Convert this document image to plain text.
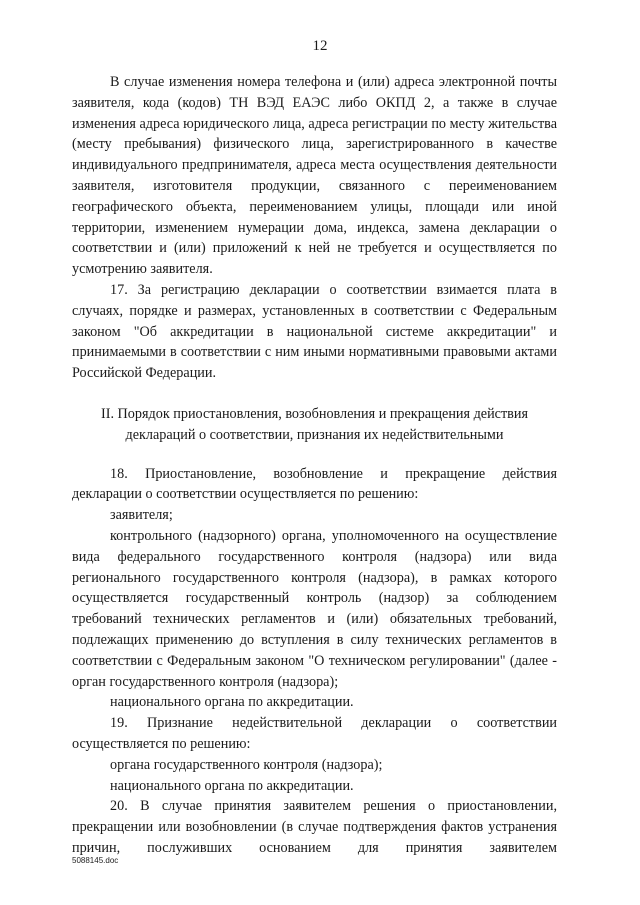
12

В случае изменения номера телефона и (или) адреса электронной почты заявителя, кода (кодов) ТН ВЭД ЕАЭС либо ОКПД 2, а также в случае изменения адреса юридического лица, адреса регистрации по месту жительства (месту пребывания) физического лица, зарегистрированного в качестве индивидуального предпринимателя, адреса места осуществления деятельности заявителя, изготовителя продукции, связанного с переименованием географического объекта, переименованием улицы, площади или иной территории, изменением нумерации дома, индекса, замена декларации о соответствии и (или) приложений к ней не требуется и осуществляется по усмотрению заявителя.

17. За регистрацию декларации о соответствии взимается плата в случаях, порядке и размерах, установленных в соответствии с Федеральным законом "Об аккредитации в национальной системе аккредитации" и принимаемыми в соответствии с ним иными нормативными правовыми актами Российской Федерации.

II. Порядок приостановления, возобновления и прекращения действия
деклараций о соответствии, признания их недействительными

18. Приостановление, возобновление и прекращение действия декларации о соответствии осуществляется по решению:

заявителя;

контрольного (надзорного) органа, уполномоченного на осуществление вида федерального государственного контроля (надзора) или вида регионального государственного контроля (надзора), в рамках которого осуществляется государственный контроль (надзор) за соблюдением требований технических регламентов и (или) обязательных требований, подлежащих применению до вступления в силу технических регламентов в соответствии с Федеральным законом "О техническом регулировании" (далее - орган государственного контроля (надзора);

национального органа по аккредитации.

19. Признание недействительной декларации о соответствии осуществляется по решению:

органа государственного контроля (надзора);

национального органа по аккредитации.

20. В случае принятия заявителем решения о приостановлении, прекращении или возобновлении (в случае подтверждения фактов устранения причин, послуживших основанием для принятия заявителем

5088145.doc
